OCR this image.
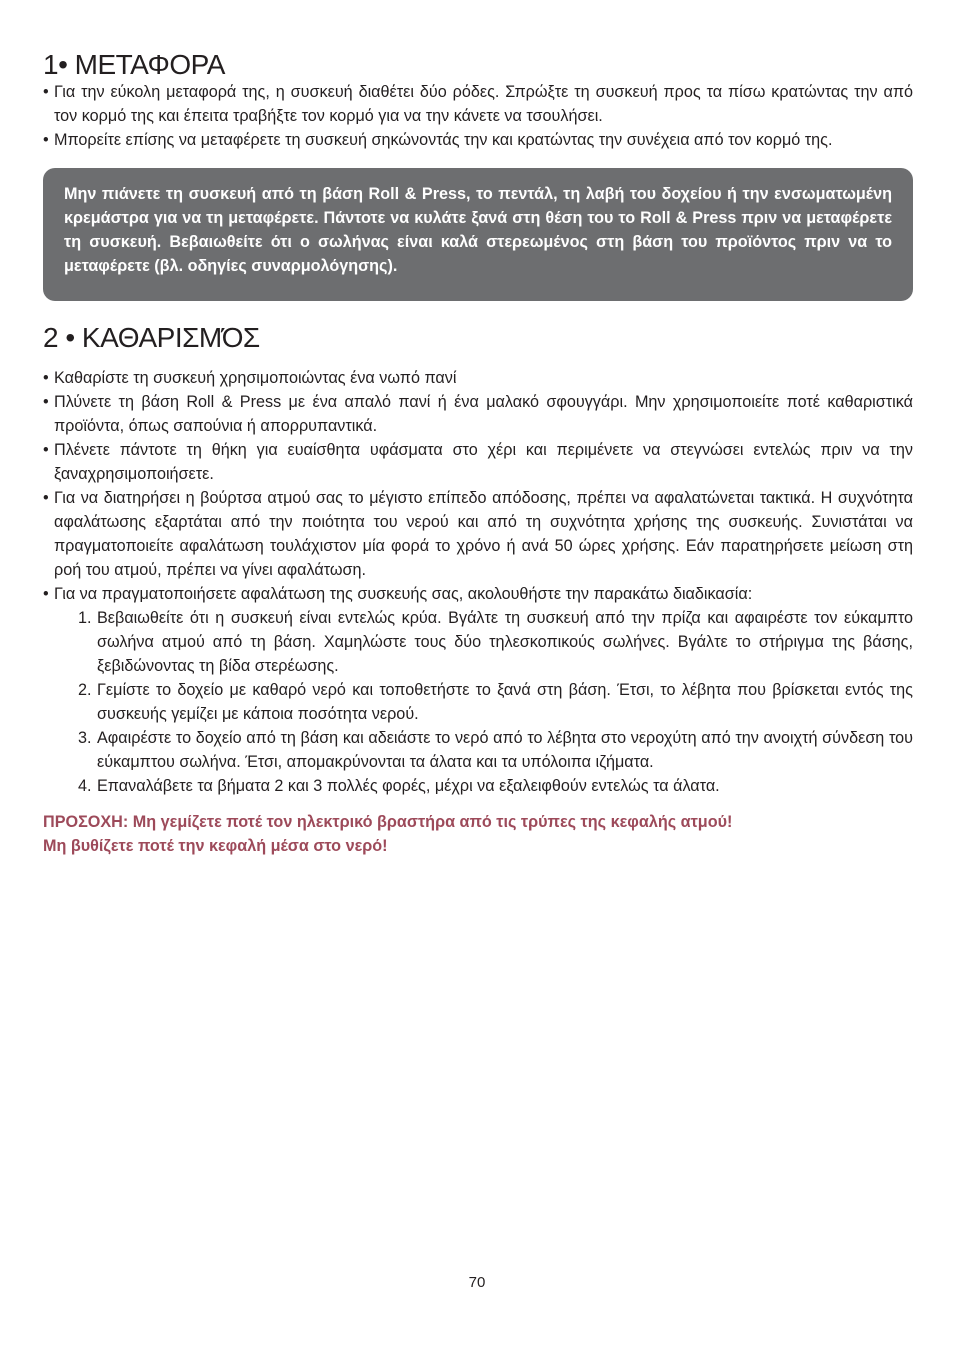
1• ΜΕΤΑΦΟΡΑ
• Για την εύκολη μεταφορά της, η συσκευή διαθέτει δύο ρόδες. Σπρώξτε τη συσκευή προς τα πίσω κρατώντας την από τον κορμό της και έπειτα τραβήξτε τον κορμό για να την κάνετε να τσουλήσει.
• Μπορείτε επίσης να μεταφέρετε τη συσκευή σηκώνοντάς την και κρατώντας την συνέχεια από τον κορμό της.
Μην πιάνετε τη συσκευή από τη βάση Roll & Press, το πεντάλ, τη λαβή του δοχείου ή την ενσωματωμένη κρεμάστρα για να τη μεταφέρετε. Πάντοτε να κυλάτε ξανά στη θέση του το Roll & Press πριν να μεταφέρετε τη συσκευή. Βεβαιωθείτε ότι ο σωλήνας είναι καλά στερεωμένος στη βάση του προϊόντος πριν να το μεταφέρετε (βλ. οδηγίες συναρμολόγησης).
2 • ΚΑΘΑΡΙΣΜΌΣ
• Καθαρίστε τη συσκευή χρησιμοποιώντας ένα νωπό πανί
• Πλύνετε τη βάση Roll & Press με ένα απαλό πανί ή ένα μαλακό σφουγγάρι. Μην χρησιμοποιείτε ποτέ καθαριστικά προϊόντα, όπως σαπούνια ή απορρυπαντικά.
• Πλένετε πάντοτε τη θήκη για ευαίσθητα υφάσματα στο χέρι και περιμένετε να στεγνώσει εντελώς πριν να την ξαναχρησιμοποιήσετε.
• Για να διατηρήσει η βούρτσα ατμού σας το μέγιστο επίπεδο απόδοσης, πρέπει να αφαλατώνεται τακτικά. Η συχνότητα αφαλάτωσης εξαρτάται από την ποιότητα του νερού και από τη συχνότητα χρήσης της συσκευής. Συνιστάται να πραγματοποιείτε αφαλάτωση τουλάχιστον μία φορά το χρόνο ή ανά 50 ώρες χρήσης. Εάν παρατηρήσετε μείωση στη ροή του ατμού, πρέπει να γίνει αφαλάτωση.
• Για να πραγματοποιήσετε αφαλάτωση της συσκευής σας, ακολουθήστε την παρακάτω διαδικασία:
1. Βεβαιωθείτε ότι η συσκευή είναι εντελώς κρύα. Βγάλτε τη συσκευή από την πρίζα και αφαιρέστε τον εύκαμπτο σωλήνα ατμού από τη βάση. Χαμηλώστε τους δύο τηλεσκοπικούς σωλήνες. Βγάλτε το στήριγμα της βάσης, ξεβιδώνοντας τη βίδα στερέωσης.
2. Γεμίστε το δοχείο με καθαρό νερό και τοποθετήστε το ξανά στη βάση. Έτσι, το λέβητα που βρίσκεται εντός της συσκευής γεμίζει με κάποια ποσότητα νερού.
3. Αφαιρέστε το δοχείο από τη βάση και αδειάστε το νερό από το λέβητα στο νεροχύτη από την ανοιχτή σύνδεση του εύκαμπτου σωλήνα. Έτσι, απομακρύνονται τα άλατα και τα υπόλοιπα ιζήματα.
4. Επαναλάβετε τα βήματα 2 και 3 πολλές φορές, μέχρι να εξαλειφθούν εντελώς τα άλατα.
ΠΡΟΣΟΧΗ: Μη γεμίζετε ποτέ τον ηλεκτρικό βραστήρα από τις τρύπες της κεφαλής ατμού!
Μη βυθίζετε ποτέ την κεφαλή μέσα στο νερό!
70
